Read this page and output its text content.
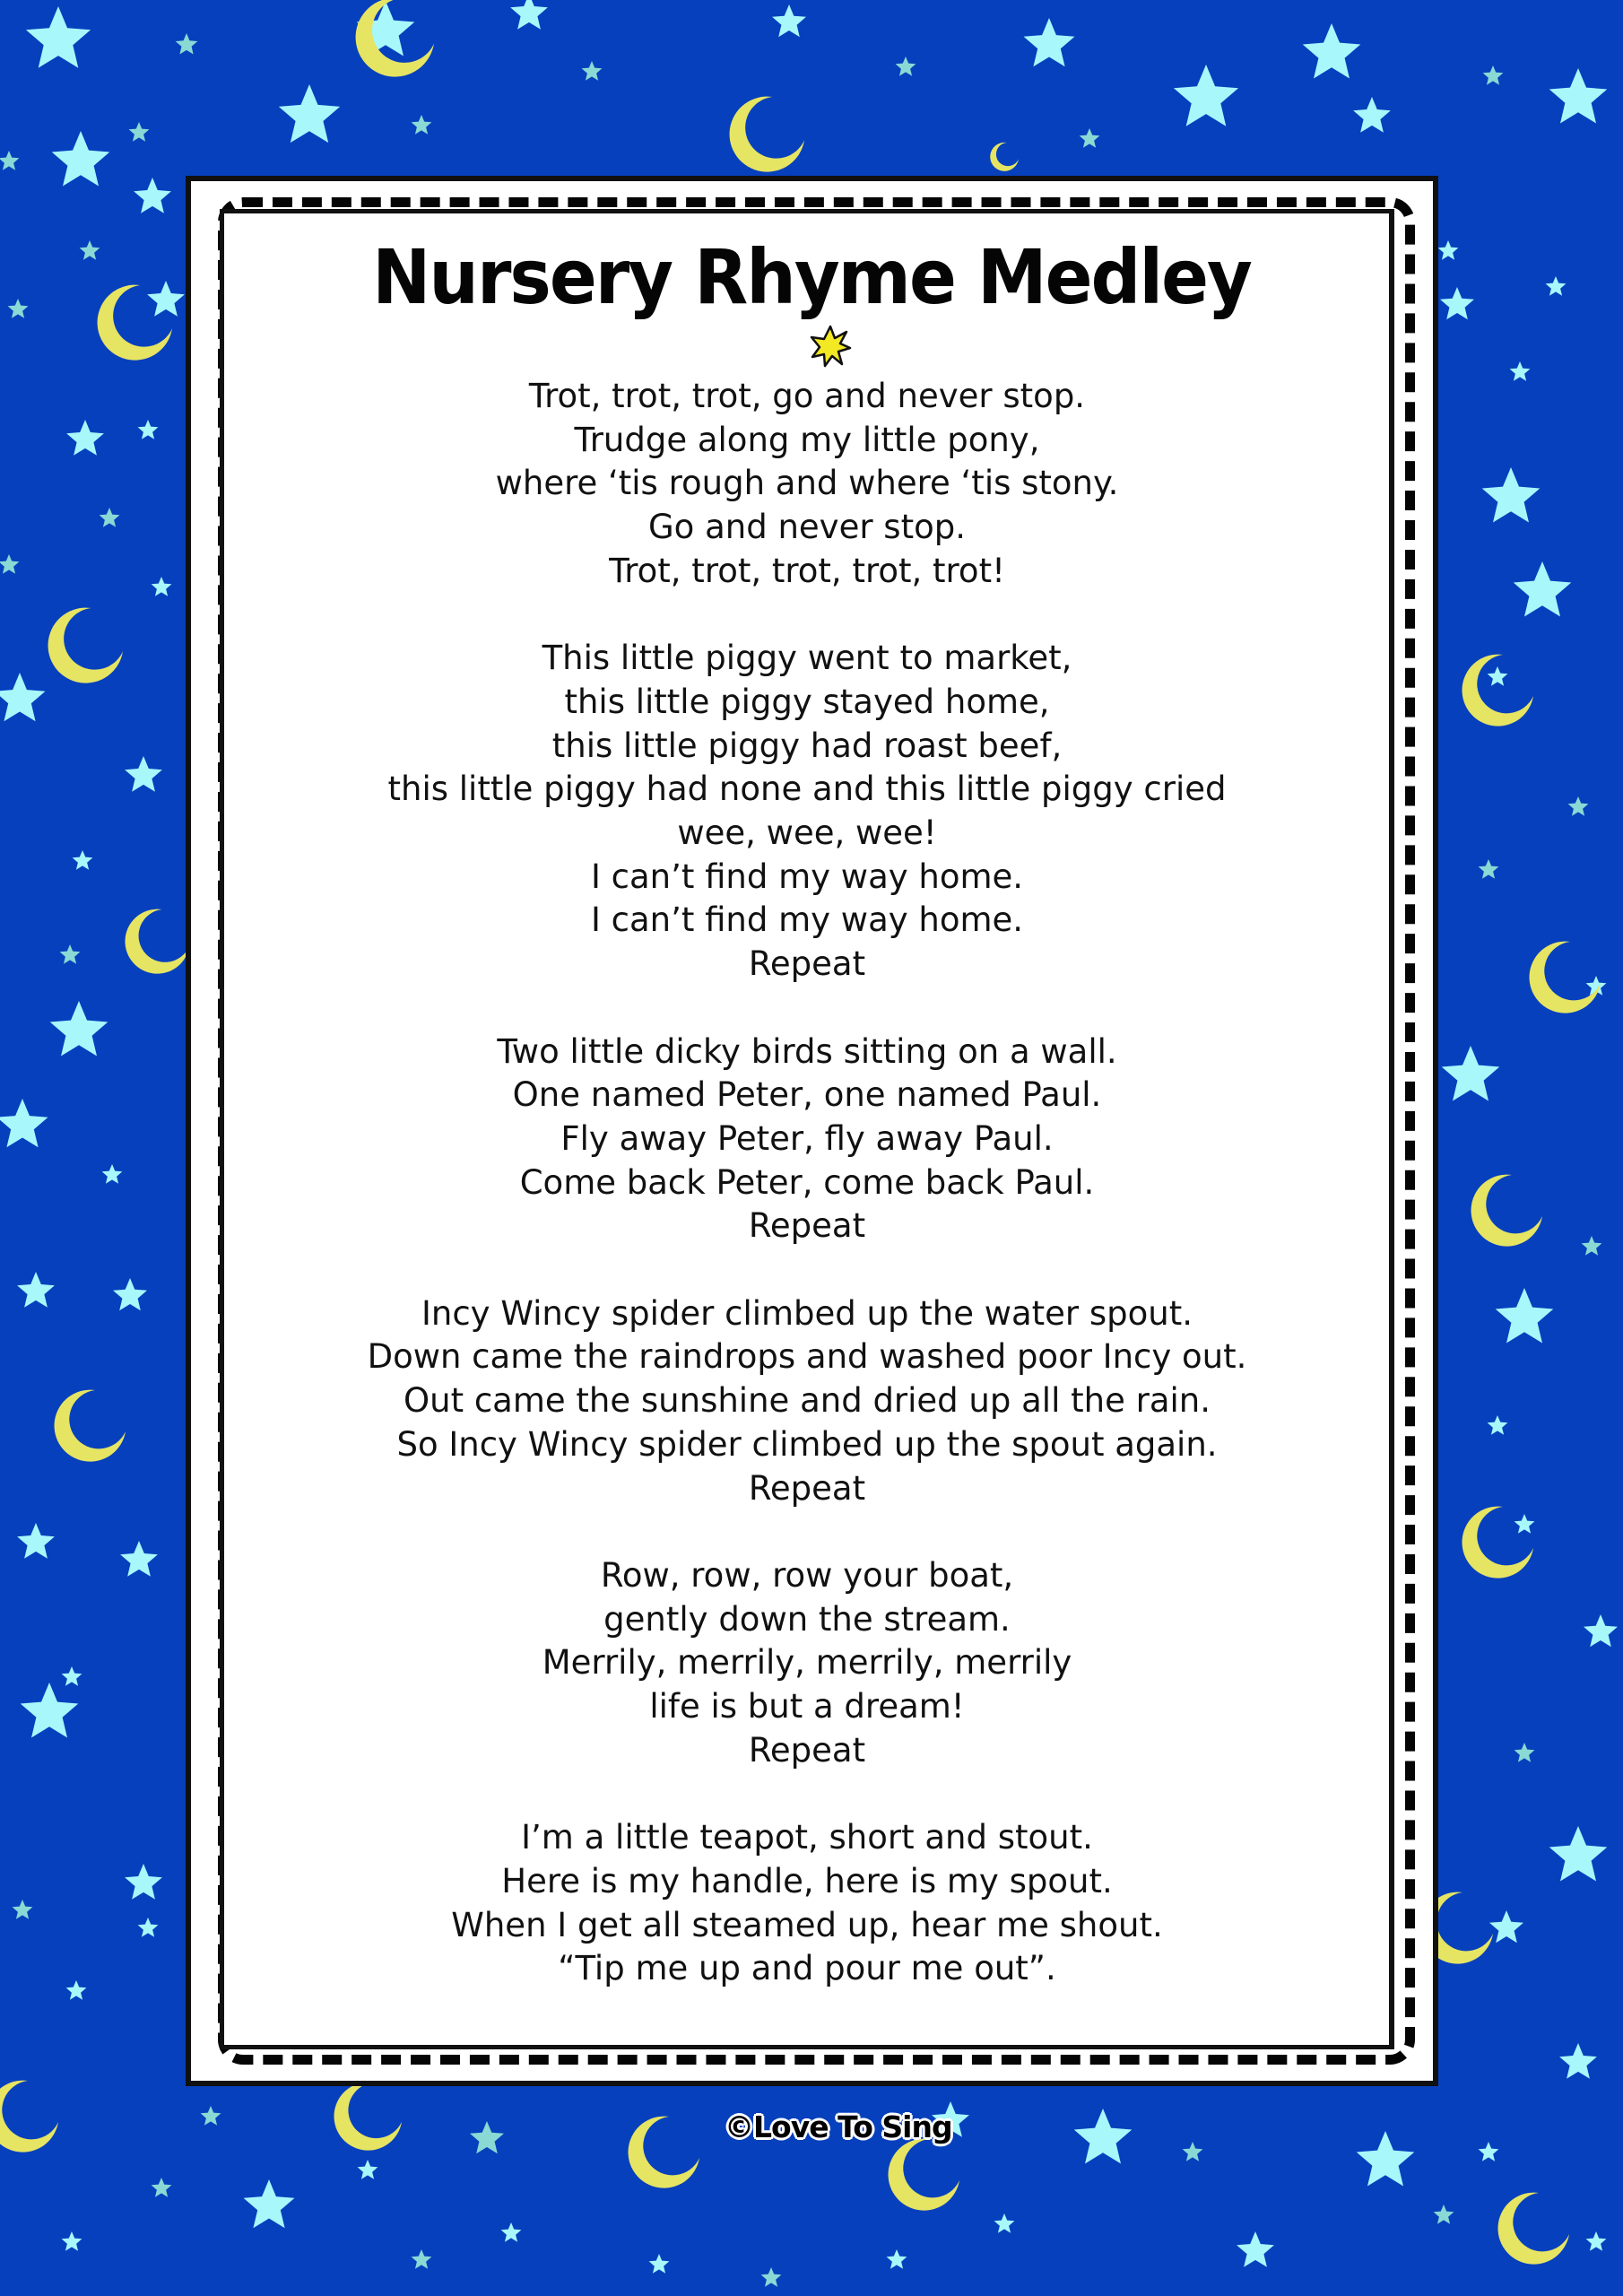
Nursery Rhyme Medley
Trot, trot, trot, go and never stop.
Trudge along my little pony,
where ‘tis rough and where ‘tis stony.
Go and never stop.
Trot, trot, trot, trot, trot!
This little piggy went to market,
this little piggy stayed home,
this little piggy had roast beef,
this little piggy had none and this little piggy cried
wee, wee, wee!
I can’t find my way home.
I can’t find my way home.
Repeat
Two little dicky birds sitting on a wall.
One named Peter, one named Paul.
Fly away Peter, fly away Paul.
Come back Peter, come back Paul.
Repeat
Incy Wincy spider climbed up the water spout.
Down came the raindrops and washed poor Incy out.
Out came the sunshine and dried up all the rain.
So Incy Wincy spider climbed up the spout again.
Repeat
Row, row, row your boat,
gently down the stream.
Merrily, merrily, merrily, merrily
life is but a dream!
Repeat
I’m a little teapot, short and stout.
Here is my handle, here is my spout.
When I get all steamed up, hear me shout.
“Tip me up and pour me out”.
©Love To Sing
